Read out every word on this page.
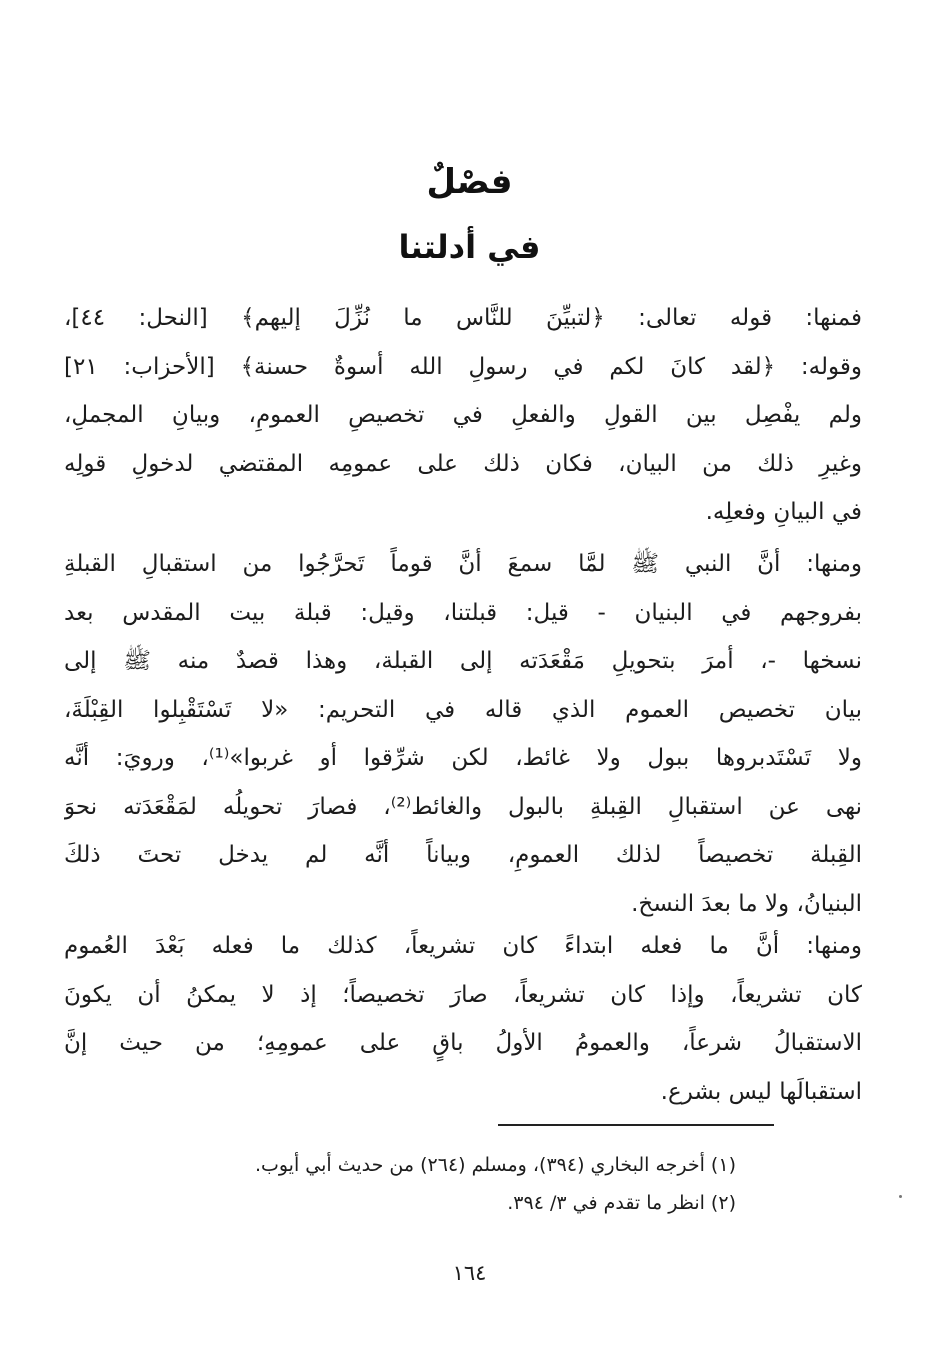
فصْلٌ
في أدلتنا
فمنها: قوله تعالى: ﴿لتبيِّنَ للنَّاس ما نُزِّلَ إليهم﴾ [النحل: ٤٤]،
وقوله: ﴿لقد كانَ لكم في رسولِ الله أسوةٌ حسنة﴾ [الأحزاب: ٢١]
ولم يفْصِل بين القولِ والفعلِ في تخصيصِ العمومِ، وبيانِ المجملِ،
وغيرِ ذلك من البيان، فكان ذلك على عمومِه المقتضي لدخولِ قولِه
في البيانِ وفعلِه.
ومنها: أنَّ النبي ﷺ لمَّا سمعَ أنَّ قوماً تَحرَّجُوا من استقبالِ القبلةِ
بفروجهم في البنيان - قيل: قبلتنا، وقيل: قبلة بيت المقدس بعد
نسخها -، أمرَ بتحويلِ مَقْعَدَته إلى القبلة، وهذا قصدٌ منه ﷺ إلى
بيان تخصيص العموم الذي قاله في التحريم: «لا تَسْتَقْبِلوا القِبْلَةَ،
ولا تَسْتَدبروها ببول ولا غائط، لكن شرِّقوا أو غربوا»⁽¹⁾، ورويَ: أنَّه
نهى عن استقبالِ القِبلةِ بالبول والغائط⁽²⁾، فصارَ تحويلُه لمَقْعَدَته نحوَ
القِبلة تخصيصاً لذلك العمومِ، وبياناً أنَّه لم يدخل تحتَ ذلكَ
البنيانُ، ولا ما بعدَ النسخ.
ومنها: أنَّ ما فعله ابتداءً كان تشريعاً، كذلك ما فعله بَعْدَ العُموم
كان تشريعاً، وإذا كان تشريعاً، صارَ تخصيصاً؛ إذ لا يمكنُ أن يكونَ
الاستقبالُ شرعاً، والعمومُ الأولُ باقٍ على عمومِهِ؛ من حيث إنَّ
استقبالَها ليس بشرع.
(١) أخرجه البخاري (٣٩٤)، ومسلم (٢٦٤) من حديث أبي أيوب.
(٢) انظر ما تقدم في ٣/ ٣٩٤.
١٦٤
